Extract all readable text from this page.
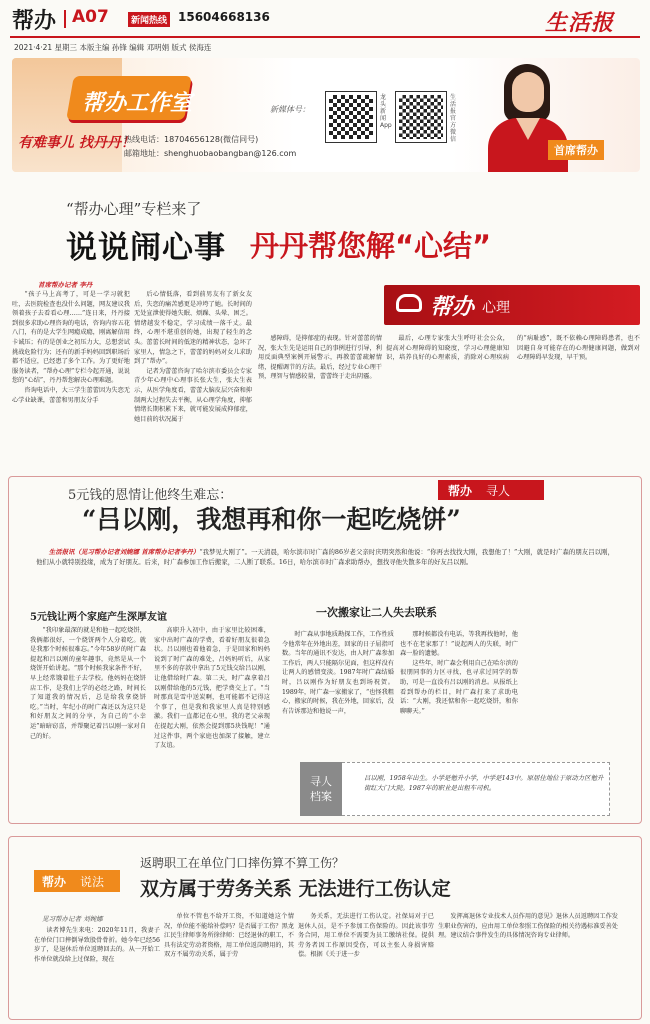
帮办 A07	新闻热线 15604668136	生活报
2021·4·21 星期三 本版主编 孙锋 编辑 邓明娟 版式 侯海连
帮办工作室
有难事儿 找丹丹！
热线电话：18704656128(微信同号)
邮箱地址：shenghuobaobangban@126.com
新媒体号：
龙头新闻 App
生活报官方微信
首席帮办
“帮办心理”专栏来了
说说闹心事 丹丹帮您解“心结”
帮办 心理
首席帮办记者 李丹

“孩子马上高考了，可是一学习就犯吐，去医院检查也没什么问题，网友建议我领着孩子去看看心理……”连日来，丹丹接到很多求助心理咨询的电话，咨询内容五花八门，有的是大学生网瘾成瘾，刚离解信用卡诚压；有的是创业之初压力大，总想尝试挑战危险行为；还有的新手妈妈回到职场后都不适应，已经患了多个工作。为了更好地服务读者，“帮办心理”专栏今起开通，说说您的“心结”，丹丹帮您解决心理难题。

咨询电话中，大三学生蕾蕾因为失恋无心学业缺课，蕾蕾和男朋友分手

后心情低落，看到前男友有了新女友后，失恋的痛苦感更是冲垮了她。长时间的无处宣泄使得她失眠、烦躁、头晕、困乏。情绪越发不稳定，学习成绩一落千丈。最终，心理不堪重创的她，出现了轻生的念头。蕾蕾长时间的低迷的精神状态，急坏了家里人，情急之下，蕾蕾的妈妈对女儿求助到了“帮办”。

记者为蕾蕾咨询了哈尔滨市委员会专家青少年心理中心理事长张大生，张大生表示，从医学角度看，蕾蕾大脑皮层兴奋和抑制两大过程失去平衡，从心理学角度，抑郁情绪长期积累下来，就可能发展成抑郁症，她目前的状况属于

感障碍，是抑郁症的表现。针对蕾蕾的情况，张大生先是运用自己的事例进行引导，利用反面典型案例开展警示，再教蕾蕾疏解情绪，提醒调节的方法。最后，经过专业心理干预，理智与情感较量，蕾蕾终于走出阴霾。

最后，心理专家张大生呼吁社会公众，提高对心理障碍的知晓度，学习心理健康知识，培养良好的心理素质，消除对心理疾病的“病耻感”，既不依赖心理障碍患者，也不因避自身可能存在的心理健康问题，做到对心理障碍早发现，早干预。

5元钱的恩情让他终生难忘：	帮办 寻人
“吕以刚，我想再和你一起吃烧饼”

生活报讯（见习帮办记者刘婉娜 首席帮办记者李丹）“我梦见大刚了”。一天清晨，哈尔滨市时广森的86岁老父亲时庆明突然和他说：“你再去找找大刚，我想他了！”大刚，就是时广森的朋友吕以刚，他们从小就特别投缘，成为了好朋友。后来，时广森参加工作后搬家，二人断了联系。16日，哈尔滨市时广森求助帮办，想找寻他失散多年的好友吕以刚。

5元钱让两个家庭产生深厚友谊

“我印象最深的就是和他一起吃烧饼，我俩都很好，一个烧饼两个人分着吃。就是我那个时候很难忘。”今年58岁的时广森提起和吕以刚的童年趣事，竟然是从一个烧饼开始讲起。“那个时候我家条件不好，早上经常饿着肚子去学校。他妈妈在烧饼店工作，是我们上学的必经之路，时间长了知道我的情况后，总是给我拿烧饼吃。”当时，年纪小的时广森还以为这只是和好朋友之间的分享，为自己的“小幸运”暗暗窃喜，并帮聚记着吕以刚一家对自己的好。

高职升入初中，由于家里比较困难，家中出时广森的学费，看着好朋友很着急状。吕以刚也着他着急，于是回家和妈妈说到了时广森的难处，吕妈妈听后，从家里不多的存款中拿出了5元钱交给吕以刚，让他借给时广森。第二天，时广森拿着吕以刚借给他的5元钱，把学费交上了。“当时那真是雪中送炭啊，也可能都不记得这个事了，但是我和我家里人真是特别感激。我们一直都记在心里，我的老父亲现在提起大刚，依然会提到那5块钱呢！”通过这件事，两个家庭也加深了接触，建立了友谊。

一次搬家让二人失去联系

时广森从事地质勘探工作，工作性质令他常年在外地出差，回家的日子屈指可数。当年的通讯不发达，由人时广森参加工作后，两人只能隔尔见面，但这样没有让两人的感情变淡。1987年时广森结婚时，吕以刚作为好朋友也到场祝贺。1989年，时广森一家搬家了，“也怪我粗心，搬家的时候，我在外地，回家后，没有告诉那边和他说一声，

那时候都没有电话，等我再找他时，他也不在老家那了！”说起两人的失联，时广森一脸的遗憾。

这些年，时广森会利用自己在哈尔滨的很朋同事的力区寻找，也寻求过同学的帮助，可是一直没有吕以刚的消息。从报纸上看到帮办的栏目，时广森打来了求助电话：“大刚，我还惦和你一起吃烧饼，和你聊聊天。”

寻人档案
吕以刚，1958年出生。小学是勉升小学，中学是143中。原居住地位于原动力区勉升街红大门大院。1987年的职业是出租车司机。
返聘职工在单位门口摔伤算不算工伤？
帮办 说法 双方属于劳务关系 无法进行工伤认定
见习帮办记者 刘婉娜

读者博先生来电：2020年11月，我妻子在单位门口摔倒导致股骨骨折。她今年已经56岁了，是退休后单位返聘回去的。从一开始工作单位就没给上过保险，现在

单位不管也不给开工资，不知道她这个情况，单位能不能给补偿吗？是否属于工伤？黑龙江民生律师事务所徐律师：已经退休的职工，不具有法定劳动者资格，用工单位返岗聘用的，其双方不属劳动关系，属于劳

务关系，无法进行工伤认定。社保局对于已退休人员，是不予参加工伤保险的。因此该事劳务合同，用工单位不需要为员工缴纳社保。提供劳务者因工作原因受伤，可以主张人身损害赔偿。根据《关于进一步

发挥离退休专业技术人员作用的意见》退休人员返聘因工作发生职业伤害的，应由用工单位参照工伤保险的相关待遇标准妥善处理。建议结合事件发生的具体情况咨询专业律师。
